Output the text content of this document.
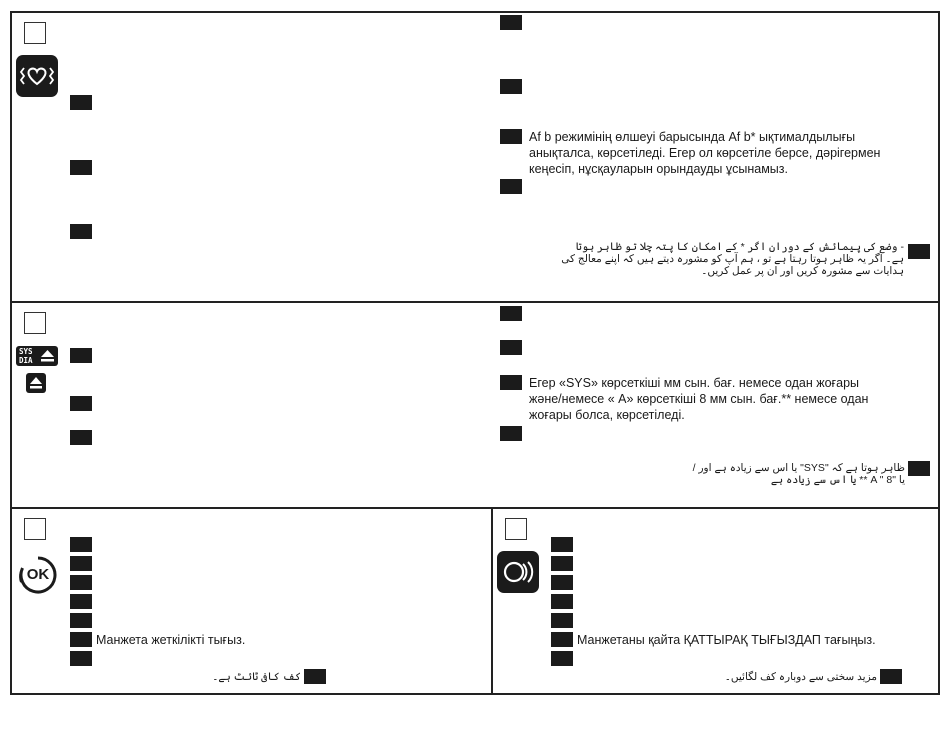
Af b режимінің өлшеуі барысында Af b* ықтималдылығы
анықталса, көрсетіледі. Егер ол көрсетіле берсе, дәрігермен
кеңесіп, нұсқауларын орындауды ұсынамыз.
- وضع کی پیمائش کے دوران اگر * کے امکان کا پتہ چلا تو ظاہر ہوتا
ہے۔ اگر یہ ظاہر ہوتا رہتا ہے تو ، ہم آپ کو مشورہ دیتے ہیں کہ اپنے معالج کی
ہدایات سے مشورہ کریں اور ان پر عمل کریں۔
SYS
DIA
Егер «SYS» көрсеткіші мм сын. бағ. немесе одан жоғары
және/немесе « A» көрсеткіші 8 мм сын. бағ.** немесе одан
жоғары болса, көрсетіледі.
ظاہر ہوتا ہے کہ "SYS" یا اس سے زیادہ ہے اور /
یا "A " 8 ** یا اس سے زیادہ ہے
OK
Манжета жеткілікті тығыз.
کف کافی ٹائٹ ہے۔
Манжетаны қайта ҚАТТЫРАҚ ТЫҒЫЗДАП тағыңыз.
مزید سختی سے دوبارہ کف لگائیں۔
